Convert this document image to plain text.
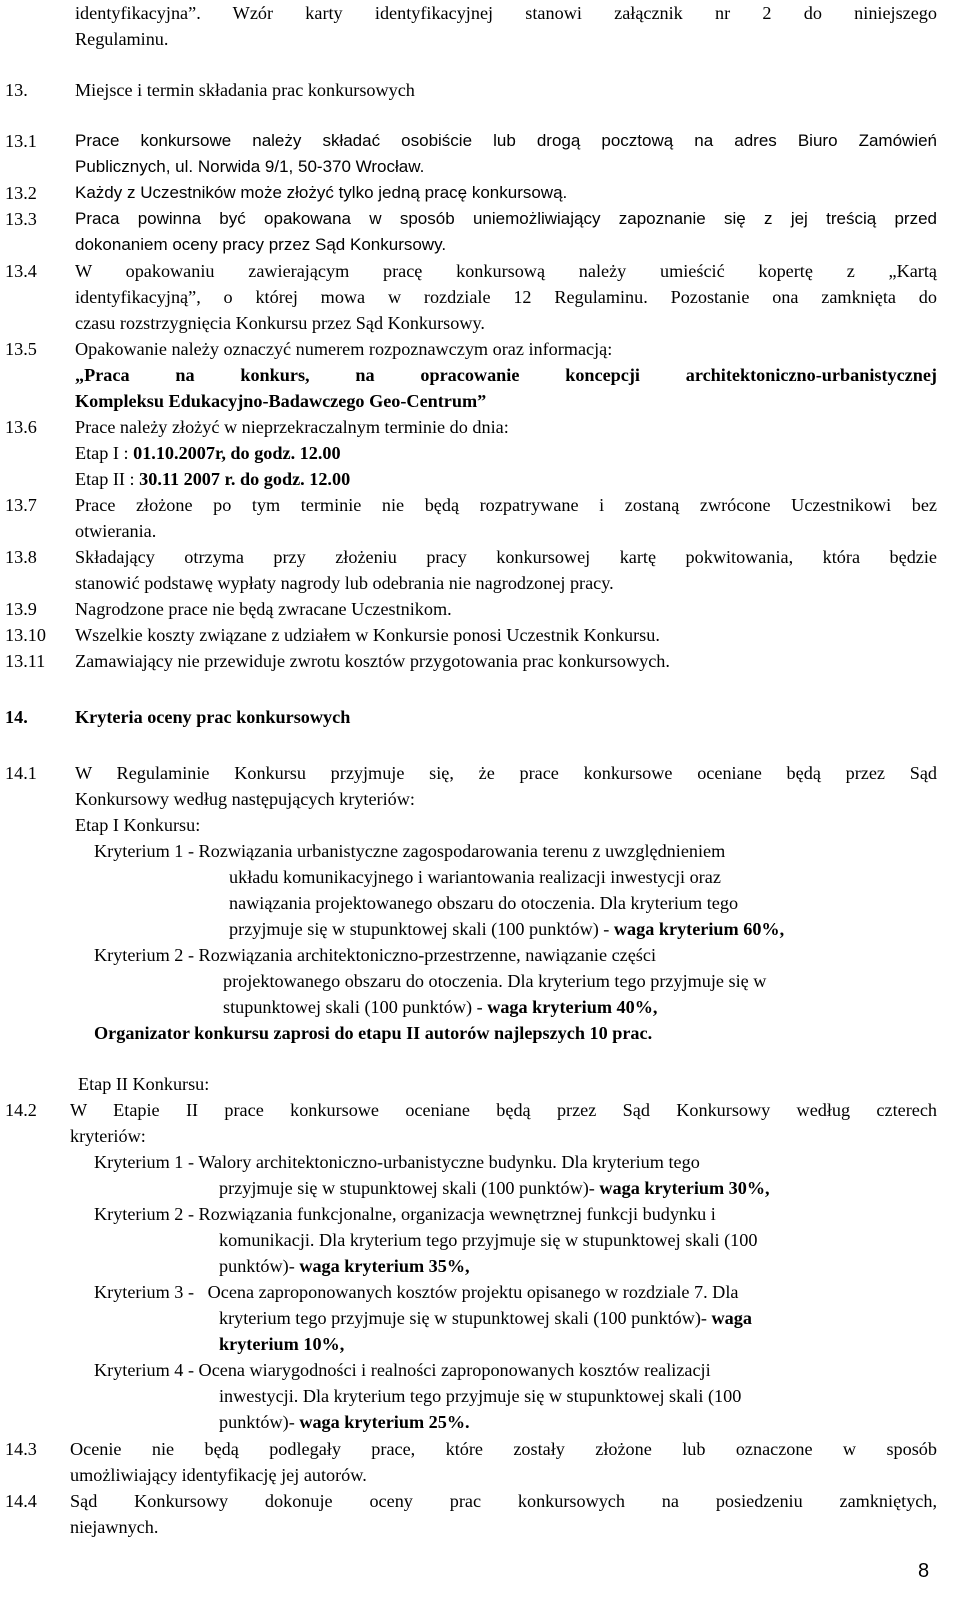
identyfikacyjna”. Wzór karty identyfikacyjnej stanowi załącznik nr 2 do niniejszego
Regulaminu.
13.	Miejsce i termin składania prac konkursowych
13.1 Prace konkursowe należy składać osobiście lub drogą pocztową na adres Biuro Zamówień
Publicznych, ul. Norwida 9/1, 50-370 Wrocław.
13.2 Każdy z Uczestników może złożyć tylko jedną pracę konkursową.
13.3 Praca powinna być opakowana w sposób uniemożliwiający zapoznanie się z jej treścią przed
dokonaniem oceny pracy przez Sąd Konkursowy.
13.4 W opakowaniu zawierającym pracę konkursową należy umieścić kopertę z „Kartą
identyfikacyjną”, o której mowa w rozdziale 12 Regulaminu. Pozostanie ona zamknięta do
czasu rozstrzygnięcia Konkursu przez Sąd Konkursowy.
13.5 Opakowanie należy oznaczyć numerem rozpoznawczym oraz informacją:
„Praca na konkurs, na opracowanie koncepcji architektoniczno-urbanistycznej
Kompleksu Edukacyjno-Badawczego Geo-Centrum”
13.6 Prace należy złożyć w nieprzekraczalnym terminie do dnia:
Etap I : 01.10.2007r, do godz. 12.00
Etap II : 30.11 2007 r. do godz. 12.00
13.7 Prace złożone po tym terminie nie będą rozpatrywane i zostaną zwrócone Uczestnikowi bez
otwierania.
13.8 Składający otrzyma przy złożeniu pracy konkursowej kartę pokwitowania, która będzie
stanowić podstawę wypłaty nagrody lub odebrania nie nagrodzonej pracy.
13.9 Nagrodzone prace nie będą zwracane Uczestnikom.
13.10 Wszelkie koszty związane z udziałem w Konkursie ponosi Uczestnik Konkursu.
13.11 Zamawiający nie przewiduje zwrotu kosztów przygotowania prac konkursowych.
14.	Kryteria oceny prac konkursowych
14.1 W Regulaminie Konkursu przyjmuje się, że prace konkursowe oceniane będą przez Sąd
Konkursowy według następujących kryteriów:
Etap I Konkursu:
Kryterium 1 - Rozwiązania urbanistyczne zagospodarowania terenu z uwzględnieniem
układu komunikacyjnego i wariantowania realizacji inwestycji oraz
nawiązania projektowanego obszaru do otoczenia. Dla kryterium tego
przyjmuje się w stupunktowej skali (100 punktów) - waga kryterium 60%,
Kryterium 2 - Rozwiązania architektoniczno-przestrzenne, nawiązanie części
projektowanego obszaru do otoczenia. Dla kryterium tego przyjmuje się w
stupunktowej skali (100 punktów) - waga kryterium 40%,
Organizator konkursu zaprosi do etapu II autorów najlepszych 10 prac.
Etap II Konkursu:
14.2 W Etapie II prace konkursowe oceniane będą przez Sąd Konkursowy według czterech
kryteriów:
Kryterium 1 - Walory architektoniczno-urbanistyczne budynku. Dla kryterium tego
przyjmuje się w stupunktowej skali (100 punktów)- waga kryterium 30%,
Kryterium 2 - Rozwiązania funkcjonalne, organizacja wewnętrznej funkcji budynku i
komunikacji. Dla kryterium tego przyjmuje się w stupunktowej skali (100
punktów)- waga kryterium 35%,
Kryterium 3 -   Ocena zaproponowanych kosztów projektu opisanego w rozdziale 7. Dla
kryterium tego przyjmuje się w stupunktowej skali (100 punktów)- waga
kryterium 10%,
Kryterium 4 - Ocena wiarygodności i realności zaproponowanych kosztów realizacji
inwestycji. Dla kryterium tego przyjmuje się w stupunktowej skali (100
punktów)- waga kryterium 25%.
14.3 Ocenie nie będą podlegały prace, które zostały złożone lub oznaczone w sposób
umożliwiający identyfikację jej autorów.
14.4 Sąd Konkursowy dokonuje oceny prac konkursowych na posiedzeniu zamkniętych,
niejawnych.
8
